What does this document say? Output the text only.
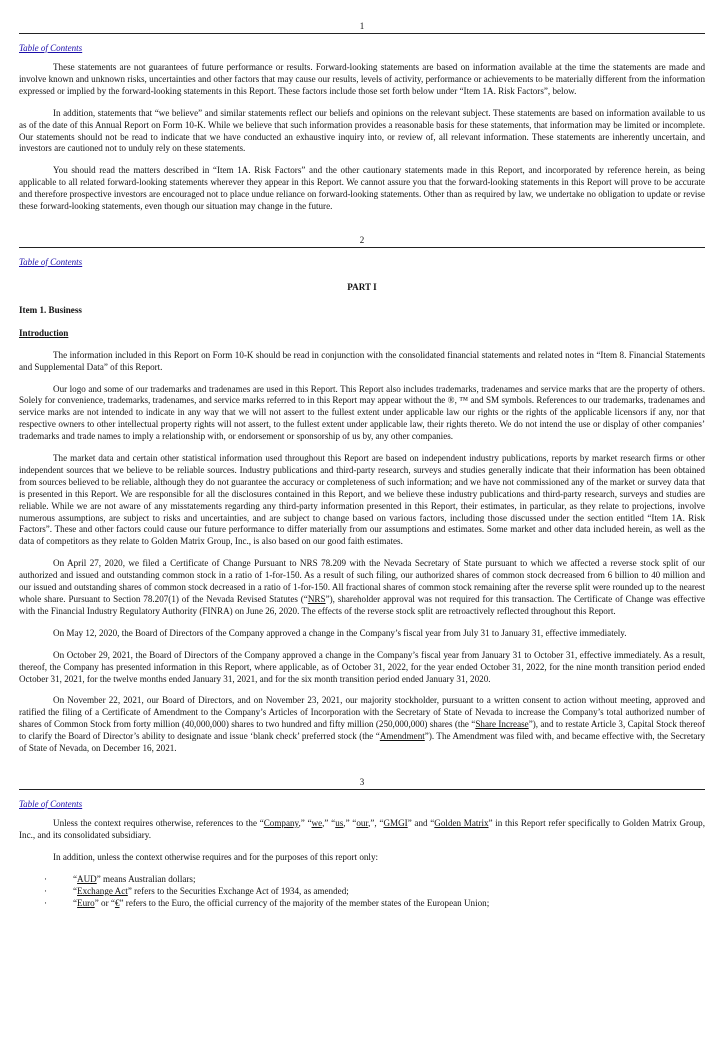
1
Table of Contents

These statements are not guarantees of future performance or results. Forward-looking statements are based on information available at the time the statements are made and involve known and unknown risks, uncertainties and other factors that may cause our results, levels of activity, performance or achievements to be materially different from the information expressed or implied by the forward-looking statements in this Report. These factors include those set forth below under “Item 1A. Risk Factors”, below.

In addition, statements that “we believe” and similar statements reflect our beliefs and opinions on the relevant subject. These statements are based on information available to us as of the date of this Annual Report on Form 10-K. While we believe that such information provides a reasonable basis for these statements, that information may be limited or incomplete. Our statements should not be read to indicate that we have conducted an exhaustive inquiry into, or review of, all relevant information. These statements are inherently uncertain, and investors are cautioned not to unduly rely on these statements.

You should read the matters described in “Item 1A. Risk Factors” and the other cautionary statements made in this Report, and incorporated by reference herein, as being applicable to all related forward-looking statements wherever they appear in this Report. We cannot assure you that the forward-looking statements in this Report will prove to be accurate and therefore prospective investors are encouraged not to place undue reliance on forward-looking statements. Other than as required by law, we undertake no obligation to update or revise these forward-looking statements, even though our situation may change in the future.

2
Table of Contents
PART I
Item 1. Business
Introduction

The information included in this Report on Form 10-K should be read in conjunction with the consolidated financial statements and related notes in “Item 8. Financial Statements and Supplemental Data” of this Report.

Our logo and some of our trademarks and tradenames are used in this Report. This Report also includes trademarks, tradenames and service marks that are the property of others. Solely for convenience, trademarks, tradenames, and service marks referred to in this Report may appear without the ®, ™ and SM symbols. References to our trademarks, tradenames and service marks are not intended to indicate in any way that we will not assert to the fullest extent under applicable law our rights or the rights of the applicable licensors if any, nor that respective owners to other intellectual property rights will not assert, to the fullest extent under applicable law, their rights thereto. We do not intend the use or display of other companies’ trademarks and trade names to imply a relationship with, or endorsement or sponsorship of us by, any other companies.

The market data and certain other statistical information used throughout this Report are based on independent industry publications, reports by market research firms or other independent sources that we believe to be reliable sources. Industry publications and third-party research, surveys and studies generally indicate that their information has been obtained from sources believed to be reliable, although they do not guarantee the accuracy or completeness of such information; and we have not commissioned any of the market or survey data that is presented in this Report. We are responsible for all the disclosures contained in this Report, and we believe these industry publications and third-party research, surveys and studies are reliable. While we are not aware of any misstatements regarding any third-party information presented in this Report, their estimates, in particular, as they relate to projections, involve numerous assumptions, are subject to risks and uncertainties, and are subject to change based on various factors, including those discussed under the section entitled “Item 1A. Risk Factors”. These and other factors could cause our future performance to differ materially from our assumptions and estimates. Some market and other data included herein, as well as the data of competitors as they relate to Golden Matrix Group, Inc., is also based on our good faith estimates.

On April 27, 2020, we filed a Certificate of Change Pursuant to NRS 78.209 with the Nevada Secretary of State pursuant to which we affected a reverse stock split of our authorized and issued and outstanding common stock in a ratio of 1-for-150. As a result of such filing, our authorized shares of common stock decreased from 6 billion to 40 million and our issued and outstanding shares of common stock decreased in a ratio of 1-for-150. All fractional shares of common stock remaining after the reverse split were rounded up to the nearest whole share. Pursuant to Section 78.207(1) of the Nevada Revised Statutes (“NRS”), shareholder approval was not required for this transaction. The Certificate of Change was effective with the Financial Industry Regulatory Authority (FINRA) on June 26, 2020. The effects of the reverse stock split are retroactively reflected throughout this Report.

On May 12, 2020, the Board of Directors of the Company approved a change in the Company’s fiscal year from July 31 to January 31, effective immediately.

On October 29, 2021, the Board of Directors of the Company approved a change in the Company’s fiscal year from January 31 to October 31, effective immediately. As a result, thereof, the Company has presented information in this Report, where applicable, as of October 31, 2022, for the year ended October 31, 2022, for the nine month transition period ended October 31, 2021, for the twelve months ended January 31, 2021, and for the six month transition period ended January 31, 2020.

On November 22, 2021, our Board of Directors, and on November 23, 2021, our majority stockholder, pursuant to a written consent to action without meeting, approved and ratified the filing of a Certificate of Amendment to the Company’s Articles of Incorporation with the Secretary of State of Nevada to increase the Company’s total authorized number of shares of Common Stock from forty million (40,000,000) shares to two hundred and fifty million (250,000,000) shares (the “Share Increase”), and to restate Article 3, Capital Stock thereof to clarify the Board of Director’s ability to designate and issue ‘blank check’ preferred stock (the “Amendment”). The Amendment was filed with, and became effective with, the Secretary of State of Nevada, on December 16, 2021.

3
Table of Contents

Unless the context requires otherwise, references to the “Company,” “we,” “us,” “our,”, “GMGI” and “Golden Matrix” in this Report refer specifically to Golden Matrix Group, Inc., and its consolidated subsidiary.

In addition, unless the context otherwise requires and for the purposes of this report only:

·	“AUD” means Australian dollars;
·	“Exchange Act” refers to the Securities Exchange Act of 1934, as amended;
·	“Euro” or “€” refers to the Euro, the official currency of the majority of the member states of the European Union;
